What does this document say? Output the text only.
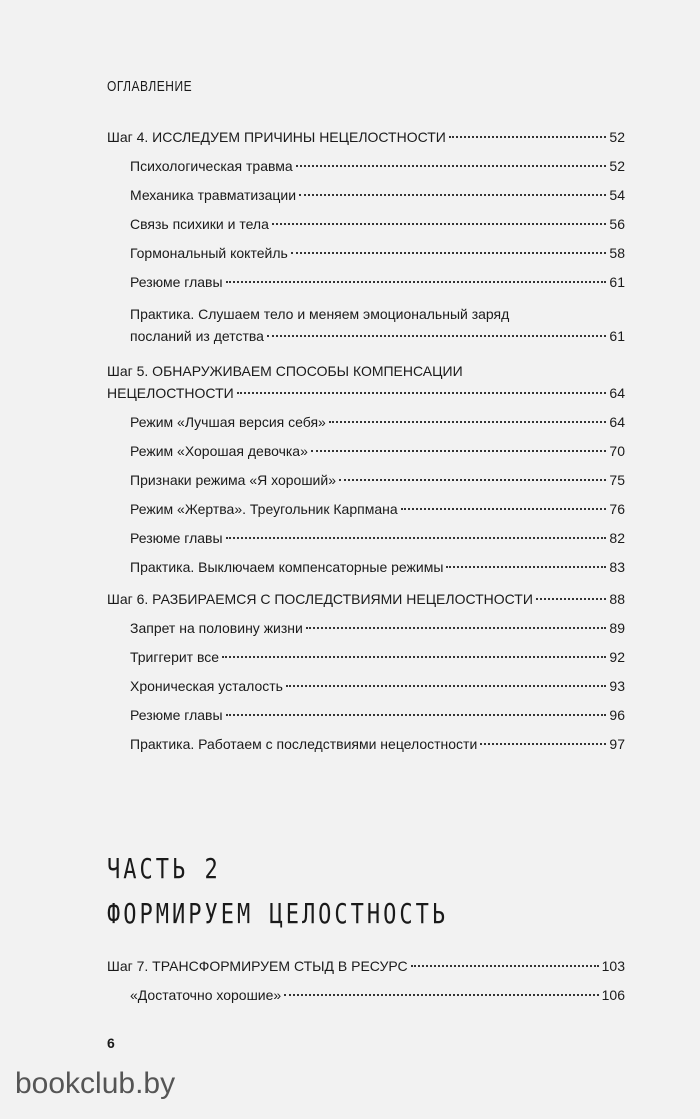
ОГЛАВЛЕНИЕ
Шаг 4. ИССЛЕДУЕМ ПРИЧИНЫ НЕЦЕЛОСТНОСТИ	52
Психологическая травма	52
Механика травматизации	54
Связь психики и тела	56
Гормональный коктейль	58
Резюме главы	61
Практика. Слушаем тело и меняем эмоциональный заряд
посланий из детства	61
Шаг 5. ОБНАРУЖИВАЕМ СПОСОБЫ КОМПЕНСАЦИИ
НЕЦЕЛОСТНОСТИ	64
Режим «Лучшая версия себя»	64
Режим «Хорошая девочка»	70
Признаки режима «Я хороший»	75
Режим «Жертва». Треугольник Карпмана	76
Резюме главы	82
Практика. Выключаем компенсаторные режимы	83
Шаг 6. РАЗБИРАЕМСЯ С ПОСЛЕДСТВИЯМИ НЕЦЕЛОСТНОСТИ	88
Запрет на половину жизни	89
Триггерит все	92
Хроническая усталость	93
Резюме главы	96
Практика. Работаем с последствиями нецелостности	97
ЧАСТЬ 2
ФОРМИРУЕМ ЦЕЛОСТНОСТЬ
Шаг 7. ТРАНСФОРМИРУЕМ СТЫД В РЕСУРС	103
«Достаточно хорошие»	106
6
bookclub.by
